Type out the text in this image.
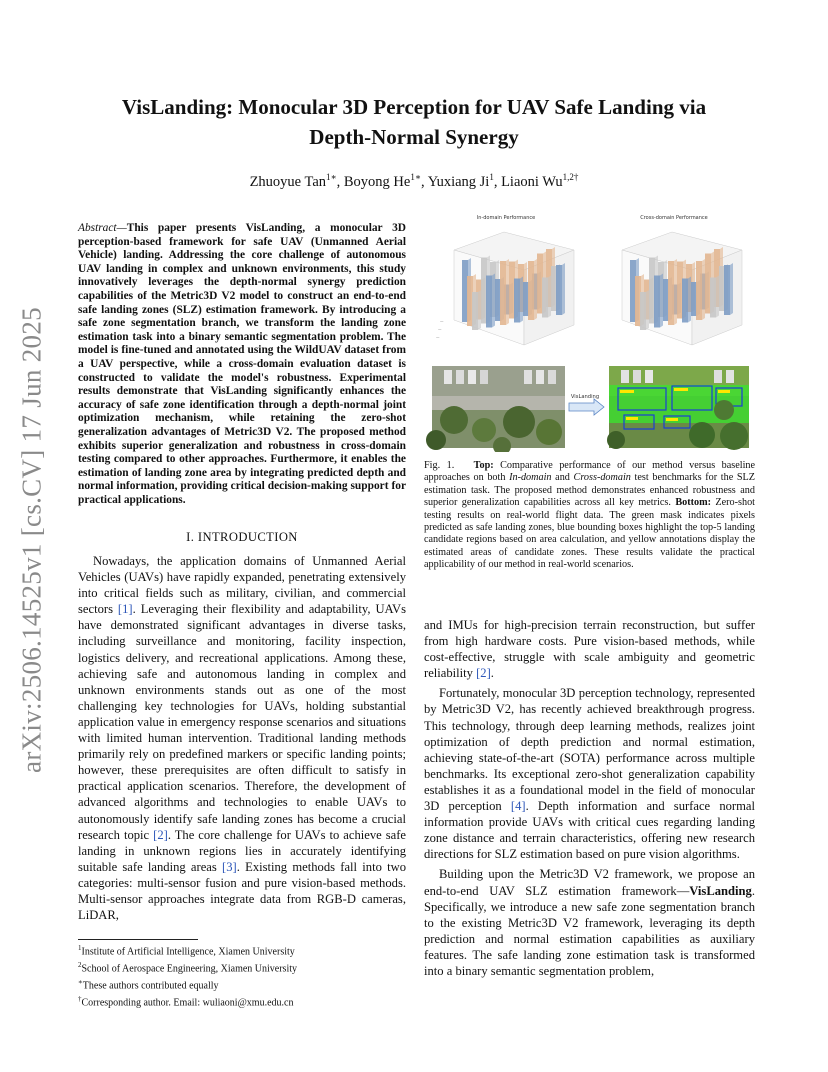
arXiv:2506.14525v1 [cs.CV] 17 Jun 2025
VisLanding: Monocular 3D Perception for UAV Safe Landing via Depth-Normal Synergy
Zhuoyue Tan$^{1∗}$, Boyong $He^{1∗}$, Yuxiang Ji$^1$, Liaoni $Wu^{1,2\dagger}$
Abstract—This paper presents VisLanding, a monocular 3D perception-based framework for safe UAV (Unmanned Aerial Vehicle) landing. Addressing the core challenge of autonomous UAV landing in complex and unknown environments, this study innovatively leverages the depth-normal synergy prediction capabilities of the Metric3D V2 model to construct an end-to-end safe landing zones (SLZ) estimation framework. By introducing a safe zone segmentation branch, we transform the landing zone estimation task into a binary semantic segmentation problem. The model is fine-tuned and annotated using the WildUAV dataset from a UAV perspective, while a cross-domain evaluation dataset is constructed to validate the model's robustness. Experimental results demonstrate that VisLanding significantly enhances the accuracy of safe zone identification through a depth-normal joint optimization mechanism, while retaining the zero-shot generalization advantages of Metric3D V2. The proposed method exhibits superior generalization and robustness in cross-domain testing compared to other approaches. Furthermore, it enables the estimation of landing zone area by integrating predicted depth and normal information, providing critical decision-making support for practical applications.
I. INTRODUCTION

Nowadays, the application domains of Unmanned Aerial Vehicles (UAVs) have rapidly expanded, penetrating extensively into critical fields such as military, civilian, and commercial sectors [1]. Leveraging their flexibility and adaptability, UAVs have demonstrated significant advantages in diverse tasks, including surveillance and monitoring, facility inspection, logistics delivery, and recreational applications. Among these, achieving safe and autonomous landing in complex and unknown environments stands out as one of the most challenging key technologies for UAVs, holding substantial application value in emergency response scenarios and situations with limited human intervention. Traditional landing methods primarily rely on predefined markers or specific landing points; however, these prerequisites are often difficult to satisfy in practical application scenarios. Therefore, the development of advanced algorithms and technologies to enable UAVs to autonomously identify safe landing zones has become a crucial research topic [2]. The core challenge for UAVs to achieve safe landing in unknown regions lies in accurately identifying suitable safe landing areas [3]. Existing methods fall into two categories: multi-sensor fusion and pure vision-based methods. Multi-sensor approaches integrate data from RGB-D cameras, LiDAR,

$^1$Institute of Artificial Intelligence, Xiamen University
$^2$School of Aerospace Engineering, Xiamen University
∗These authors contributed equally
†Corresponding author. Email: wuliaoni@xmu.edu.cn
In-domain Performance
—
—
—
Cross-domain Performance
VisLanding
Fig. 1. Top: Comparative performance of our method versus baseline approaches on both In-domain and Cross-domain test benchmarks for the SLZ estimation task. The proposed method demonstrates enhanced robustness and superior generalization capabilities across all key metrics. Bottom: Zero-shot testing results on real-world flight data. The green mask indicates pixels predicted as safe landing zones, blue bounding boxes highlight the top-5 landing candidate regions based on area calculation, and yellow annotations display the estimated areas of candidate zones. These results validate the practical applicability of our method in real-world scenarios.

and IMUs for high-precision terrain reconstruction, but suffer from high hardware costs. Pure vision-based methods, while cost-effective, struggle with scale ambiguity and geometric reliability [2].

Fortunately, monocular 3D perception technology, represented by Metric3D V2, has recently achieved breakthrough progress. This technology, through deep learning methods, realizes joint optimization of depth prediction and normal estimation, achieving state-of-the-art (SOTA) performance across multiple benchmarks. Its exceptional zero-shot generalization capability establishes it as a foundational model in the field of monocular 3D perception [4]. Depth information and surface normal information provide UAVs with critical cues regarding landing zone distance and terrain characteristics, offering new research directions for SLZ estimation based on pure vision algorithms.

Building upon the Metric3D V2 framework, we propose an end-to-end UAV SLZ estimation framework—VisLanding. Specifically, we introduce a new safe zone segmentation branch to the existing Metric3D V2 framework, leveraging its depth prediction and normal estimation capabilities as auxiliary features. The safe landing zone estimation task is transformed into a binary semantic segmentation problem,
